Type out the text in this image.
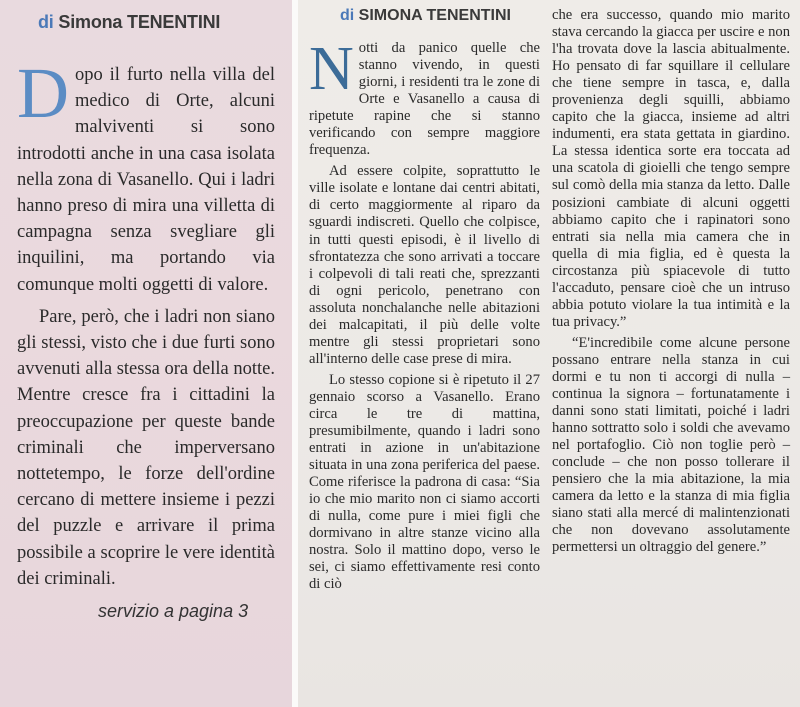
di Simona TENENTINI

Dopo il furto nella villa del medico di Orte, alcuni malviventi si sono introdotti anche in una casa isolata nella zona di Vasanello. Qui i ladri hanno preso di mira una villetta di campagna senza svegliare gli inquilini, ma portando via comunque molti oggetti di valore.

Pare, però, che i ladri non siano gli stessi, visto che i due furti sono avvenuti alla stessa ora della notte. Mentre cresce fra i cittadini la preoccupazione per queste bande criminali che imperversano nottetempo, le forze dell'ordine cercano di mettere insieme i pezzi del puzzle e arrivare il prima possibile a scoprire le vere identità dei criminali.

servizio a pagina 3
di SIMONA TENENTINI

Notti da panico quelle che stanno vivendo, in questi giorni, i residenti tra le zone di Orte e Vasanello a causa di ripetute rapine che si stanno verificando con sempre maggiore frequenza.

Ad essere colpite, soprattutto le ville isolate e lontane dai centri abitati, di certo maggiormente al riparo da sguardi indiscreti. Quello che colpisce, in tutti questi episodi, è il livello di sfrontatezza che sono arrivati a toccare i colpevoli di tali reati che, sprezzanti di ogni pericolo, penetrano con assoluta nonchalanche nelle abitazioni dei malcapitati, il più delle volte mentre gli stessi proprietari sono all'interno delle case prese di mira.

Lo stesso copione si è ripetuto il 27 gennaio scorso a Vasanello. Erano circa le tre di mattina, presumibilmente, quando i ladri sono entrati in azione in un'abitazione situata in una zona periferica del paese. Come riferisce la padrona di casa: “Sia io che mio marito non ci siamo accorti di nulla, come pure i miei figli che dormivano in altre stanze vicino alla nostra. Solo il mattino dopo, verso le sei, ci siamo effettivamente resi conto di ciò

che era successo, quando mio marito stava cercando la giacca per uscire e non l'ha trovata dove la lascia abitualmente. Ho pensato di far squillare il cellulare che tiene sempre in tasca, e, dalla provenienza degli squilli, abbiamo capito che la giacca, insieme ad altri indumenti, era stata gettata in giardino. La stessa identica sorte era toccata ad una scatola di gioielli che tengo sempre sul comò della mia stanza da letto. Dalle posizioni cambiate di alcuni oggetti abbiamo capito che i rapinatori sono entrati sia nella mia camera che in quella di mia figlia, ed è questa la circostanza più spiacevole di tutto l'accaduto, pensare cioè che un intruso abbia potuto violare la tua intimità e la tua privacy.”

“E'incredibile come alcune persone possano entrare nella stanza in cui dormi e tu non ti accorgi di nulla – continua la signora – fortunatamente i danni sono stati limitati, poiché i ladri hanno sottratto solo i soldi che avevamo nel portafoglio. Ciò non toglie però – conclude – che non posso tollerare il pensiero che la mia abitazione, la mia camera da letto e la stanza di mia figlia siano stati alla mercé di malintenzionati che non dovevano assolutamente permettersi un oltraggio del genere.”
